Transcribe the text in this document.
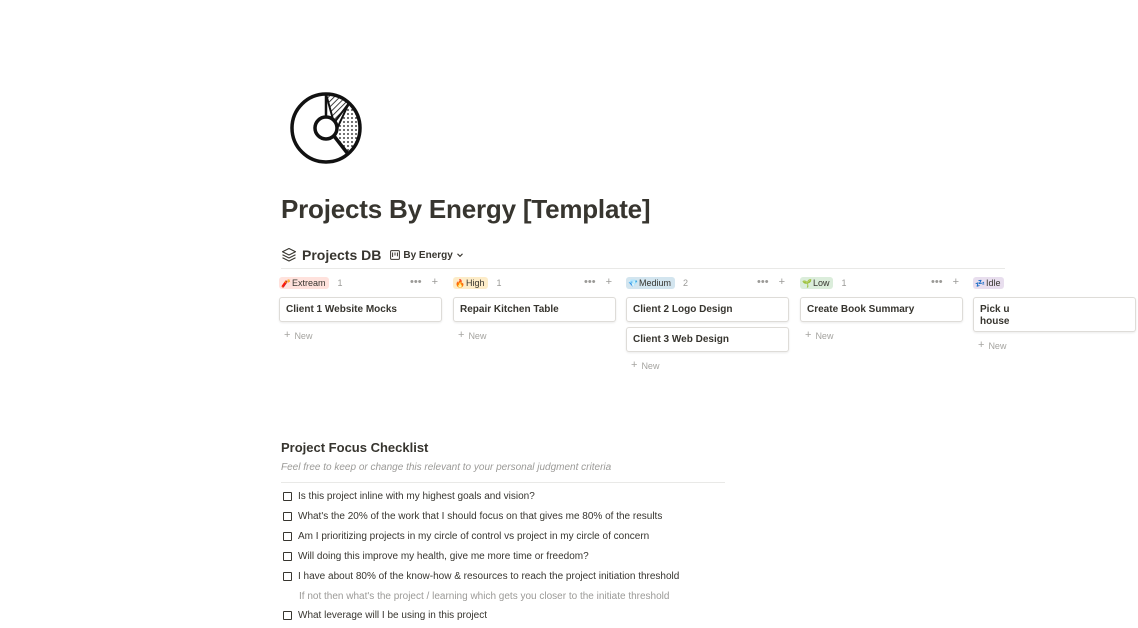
Projects By Energy [Template]
Projects DB By Energy
🧨 Extream 1	••• +
Client 1 Website Mocks
+ New
🔥 High 1	••• +
Repair Kitchen Table
+ New
💎 Medium 2	••• +
Client 2 Logo Design
Client 3 Web Design
+ New
🌱 Low 1	••• +
Create Book Summary
+ New
💤 Idle
Pick u
house
+ New
Project Focus Checklist
Feel free to keep or change this relevant to your personal judgment criteria
Is this project inline with my highest goals and vision?
What's the 20% of the work that I should focus on that gives me 80% of the results
Am I prioritizing projects in my circle of control vs project in my circle of concern
Will doing this improve my health, give me more time or freedom?
I have about 80% of the know-how & resources to reach the project initiation threshold
What leverage will I be using in this project
If not then what's the project / learning which gets you closer to the initiate threshold
